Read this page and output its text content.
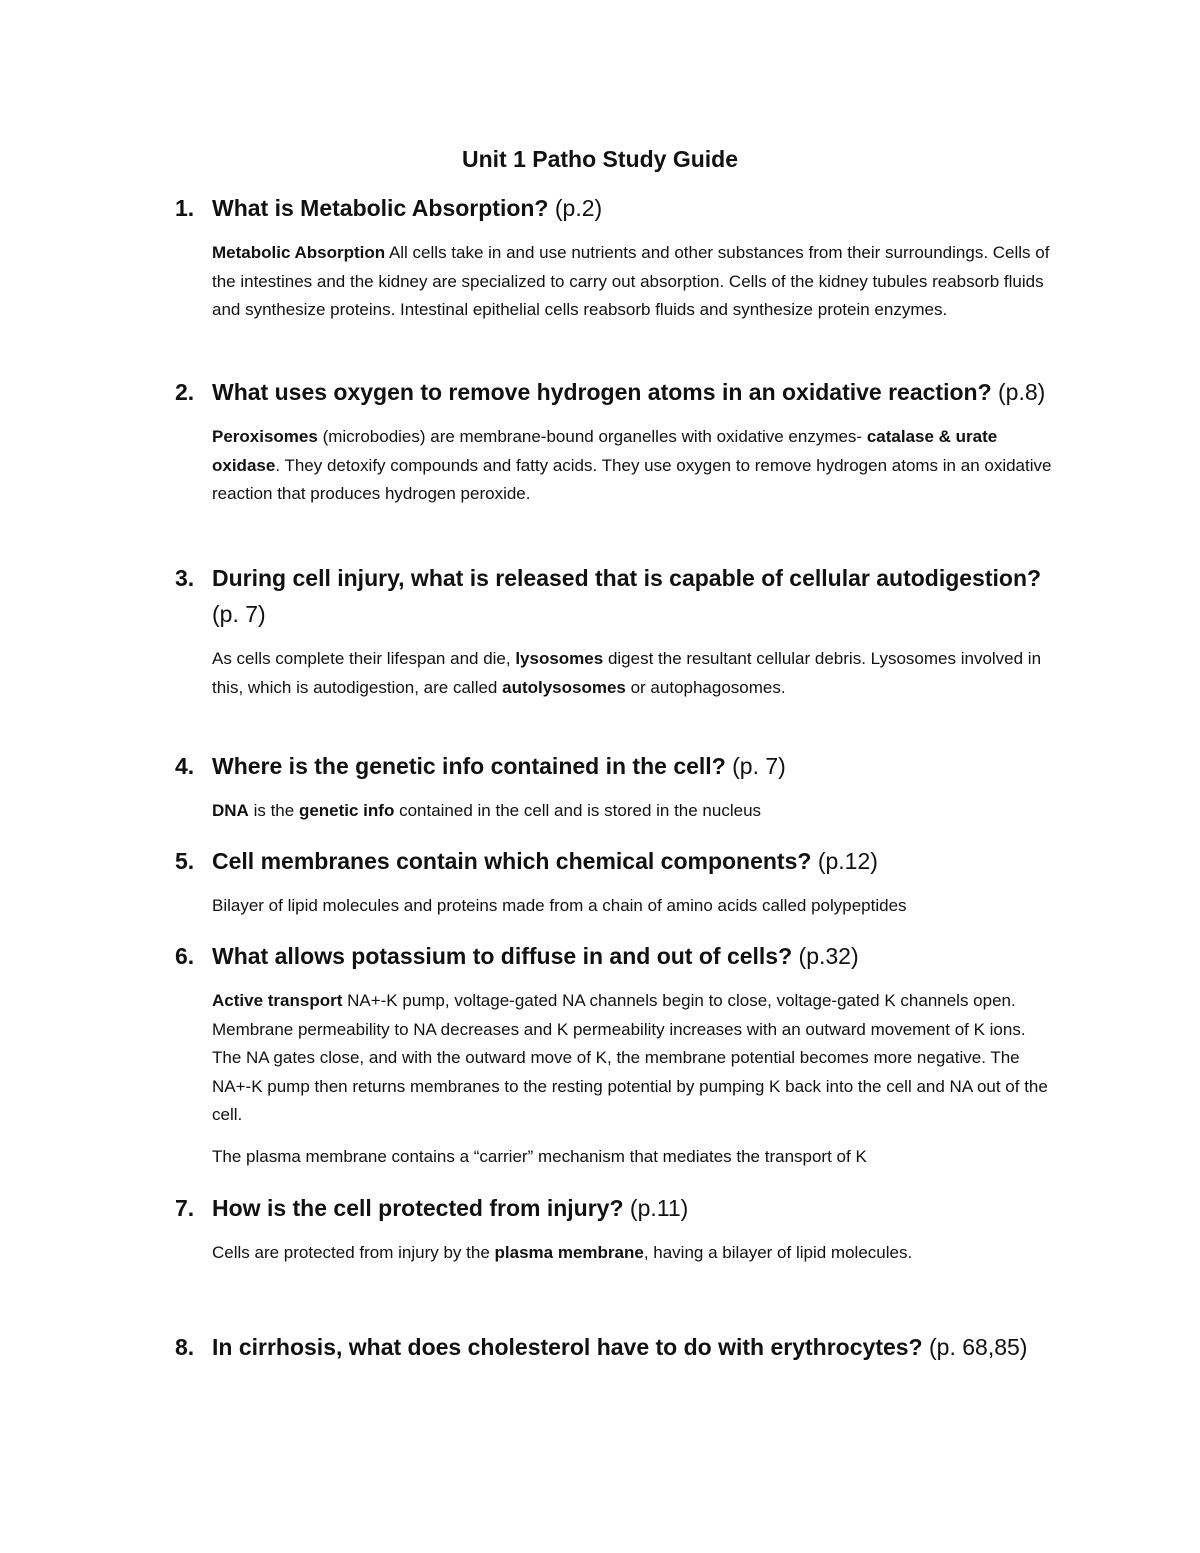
Unit 1 Patho Study Guide

1. What is Metabolic Absorption? (p.2)

Metabolic Absorption All cells take in and use nutrients and other substances from their surroundings. Cells of the intestines and the kidney are specialized to carry out absorption. Cells of the kidney tubules reabsorb fluids and synthesize proteins. Intestinal epithelial cells reabsorb fluids and synthesize protein enzymes.

2. What uses oxygen to remove hydrogen atoms in an oxidative reaction? (p.8)

Peroxisomes (microbodies) are membrane-bound organelles with oxidative enzymes- catalase & urate oxidase. They detoxify compounds and fatty acids. They use oxygen to remove hydrogen atoms in an oxidative reaction that produces hydrogen peroxide.

3. During cell injury, what is released that is capable of cellular autodigestion? (p. 7)

As cells complete their lifespan and die, lysosomes digest the resultant cellular debris. Lysosomes involved in this, which is autodigestion, are called autolysosomes or autophagosomes.

4. Where is the genetic info contained in the cell? (p. 7)

DNA is the genetic info contained in the cell and is stored in the nucleus

5. Cell membranes contain which chemical components? (p.12)

Bilayer of lipid molecules and proteins made from a chain of amino acids called polypeptides

6. What allows potassium to diffuse in and out of cells? (p.32)

Active transport NA+-K pump, voltage-gated NA channels begin to close, voltage-gated K channels open. Membrane permeability to NA decreases and K permeability increases with an outward movement of K ions. The NA gates close, and with the outward move of K, the membrane potential becomes more negative. The NA+-K pump then returns membranes to the resting potential by pumping K back into the cell and NA out of the cell.

The plasma membrane contains a “carrier” mechanism that mediates the transport of K

7. How is the cell protected from injury? (p.11)

Cells are protected from injury by the plasma membrane, having a bilayer of lipid molecules.

8. In cirrhosis, what does cholesterol have to do with erythrocytes? (p. 68,85)
